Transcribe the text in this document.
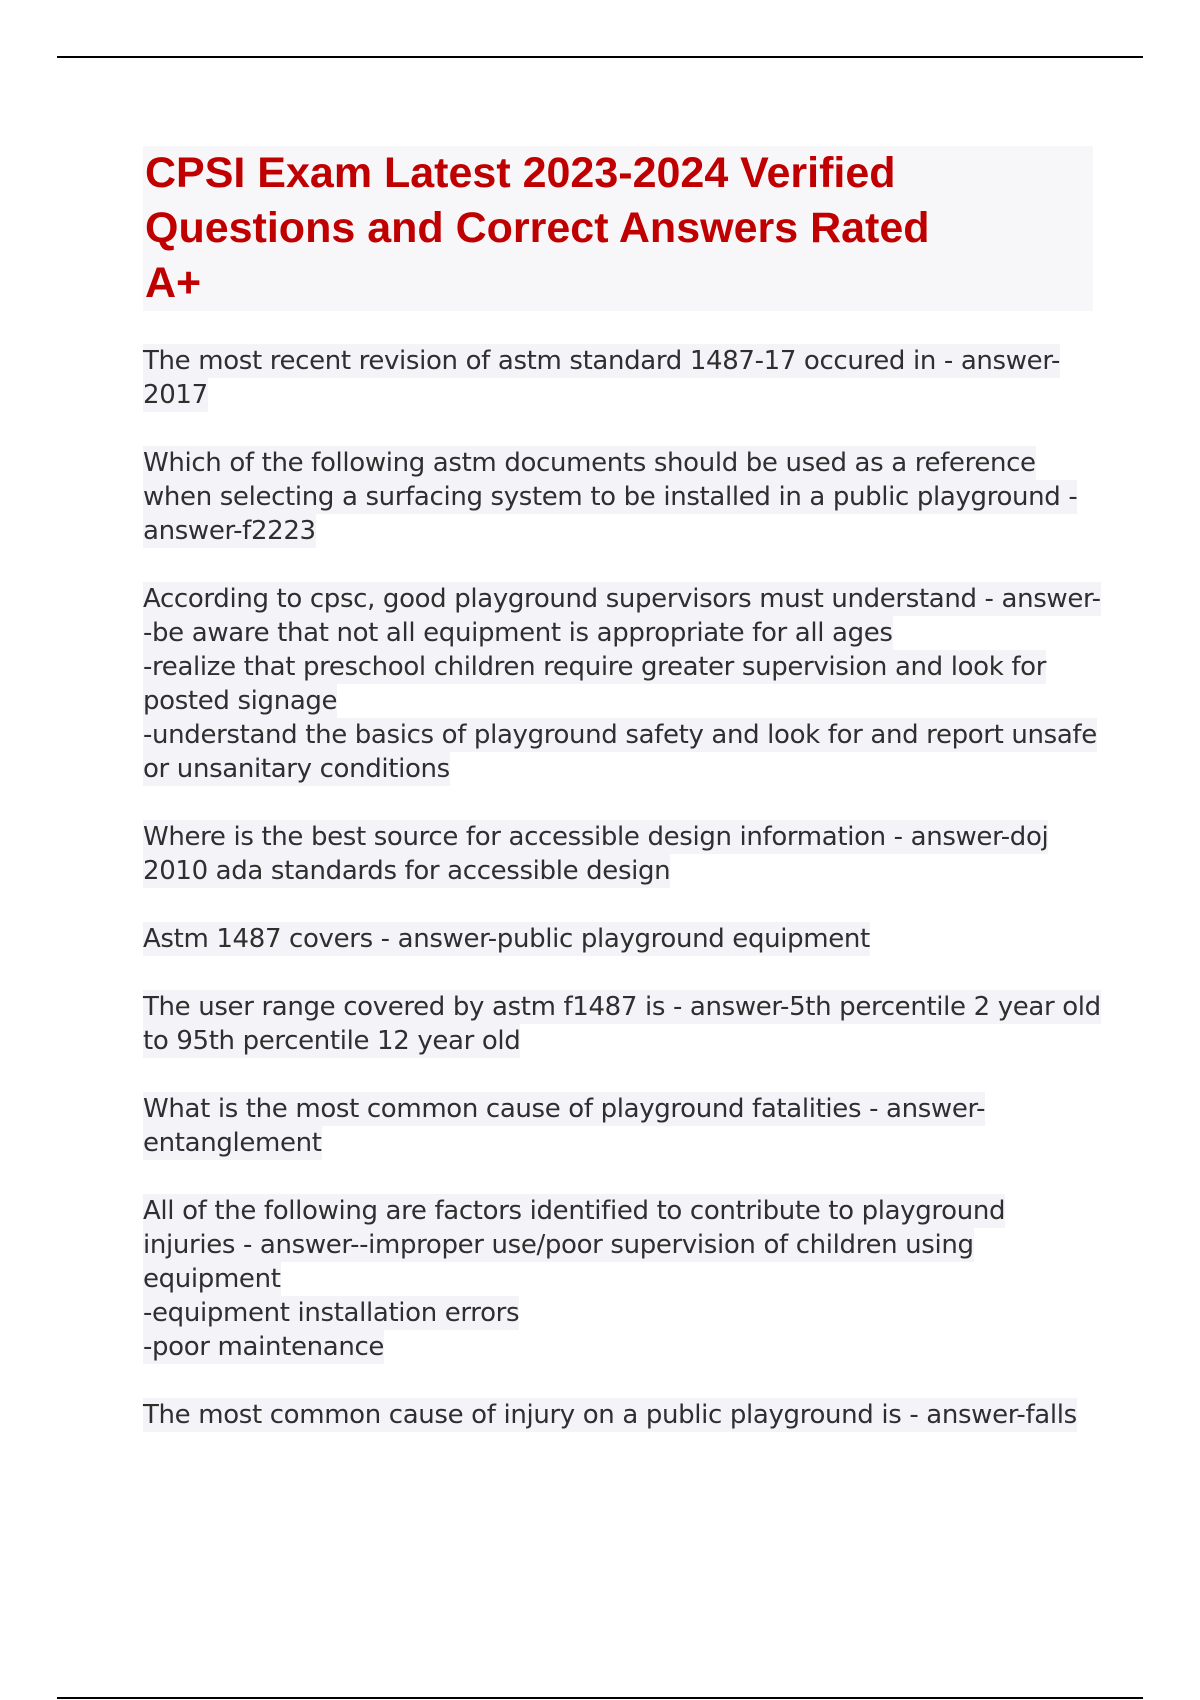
CPSI Exam Latest 2023-2024 Verified
Questions and Correct Answers Rated
A+
The most recent revision of astm standard 1487-17 occured in - answer-
2017
Which of the following astm documents should be used as a reference
when selecting a surfacing system to be installed in a public playground -
answer-f2223
According to cpsc, good playground supervisors must understand - answer-
-be aware that not all equipment is appropriate for all ages
-realize that preschool children require greater supervision and look for
posted signage
-understand the basics of playground safety and look for and report unsafe
or unsanitary conditions
Where is the best source for accessible design information - answer-doj
2010 ada standards for accessible design
Astm 1487 covers - answer-public playground equipment
The user range covered by astm f1487 is - answer-5th percentile 2 year old
to 95th percentile 12 year old
What is the most common cause of playground fatalities - answer-
entanglement
All of the following are factors identified to contribute to playground
injuries - answer--improper use/poor supervision of children using
equipment
-equipment installation errors
-poor maintenance
The most common cause of injury on a public playground is - answer-falls
